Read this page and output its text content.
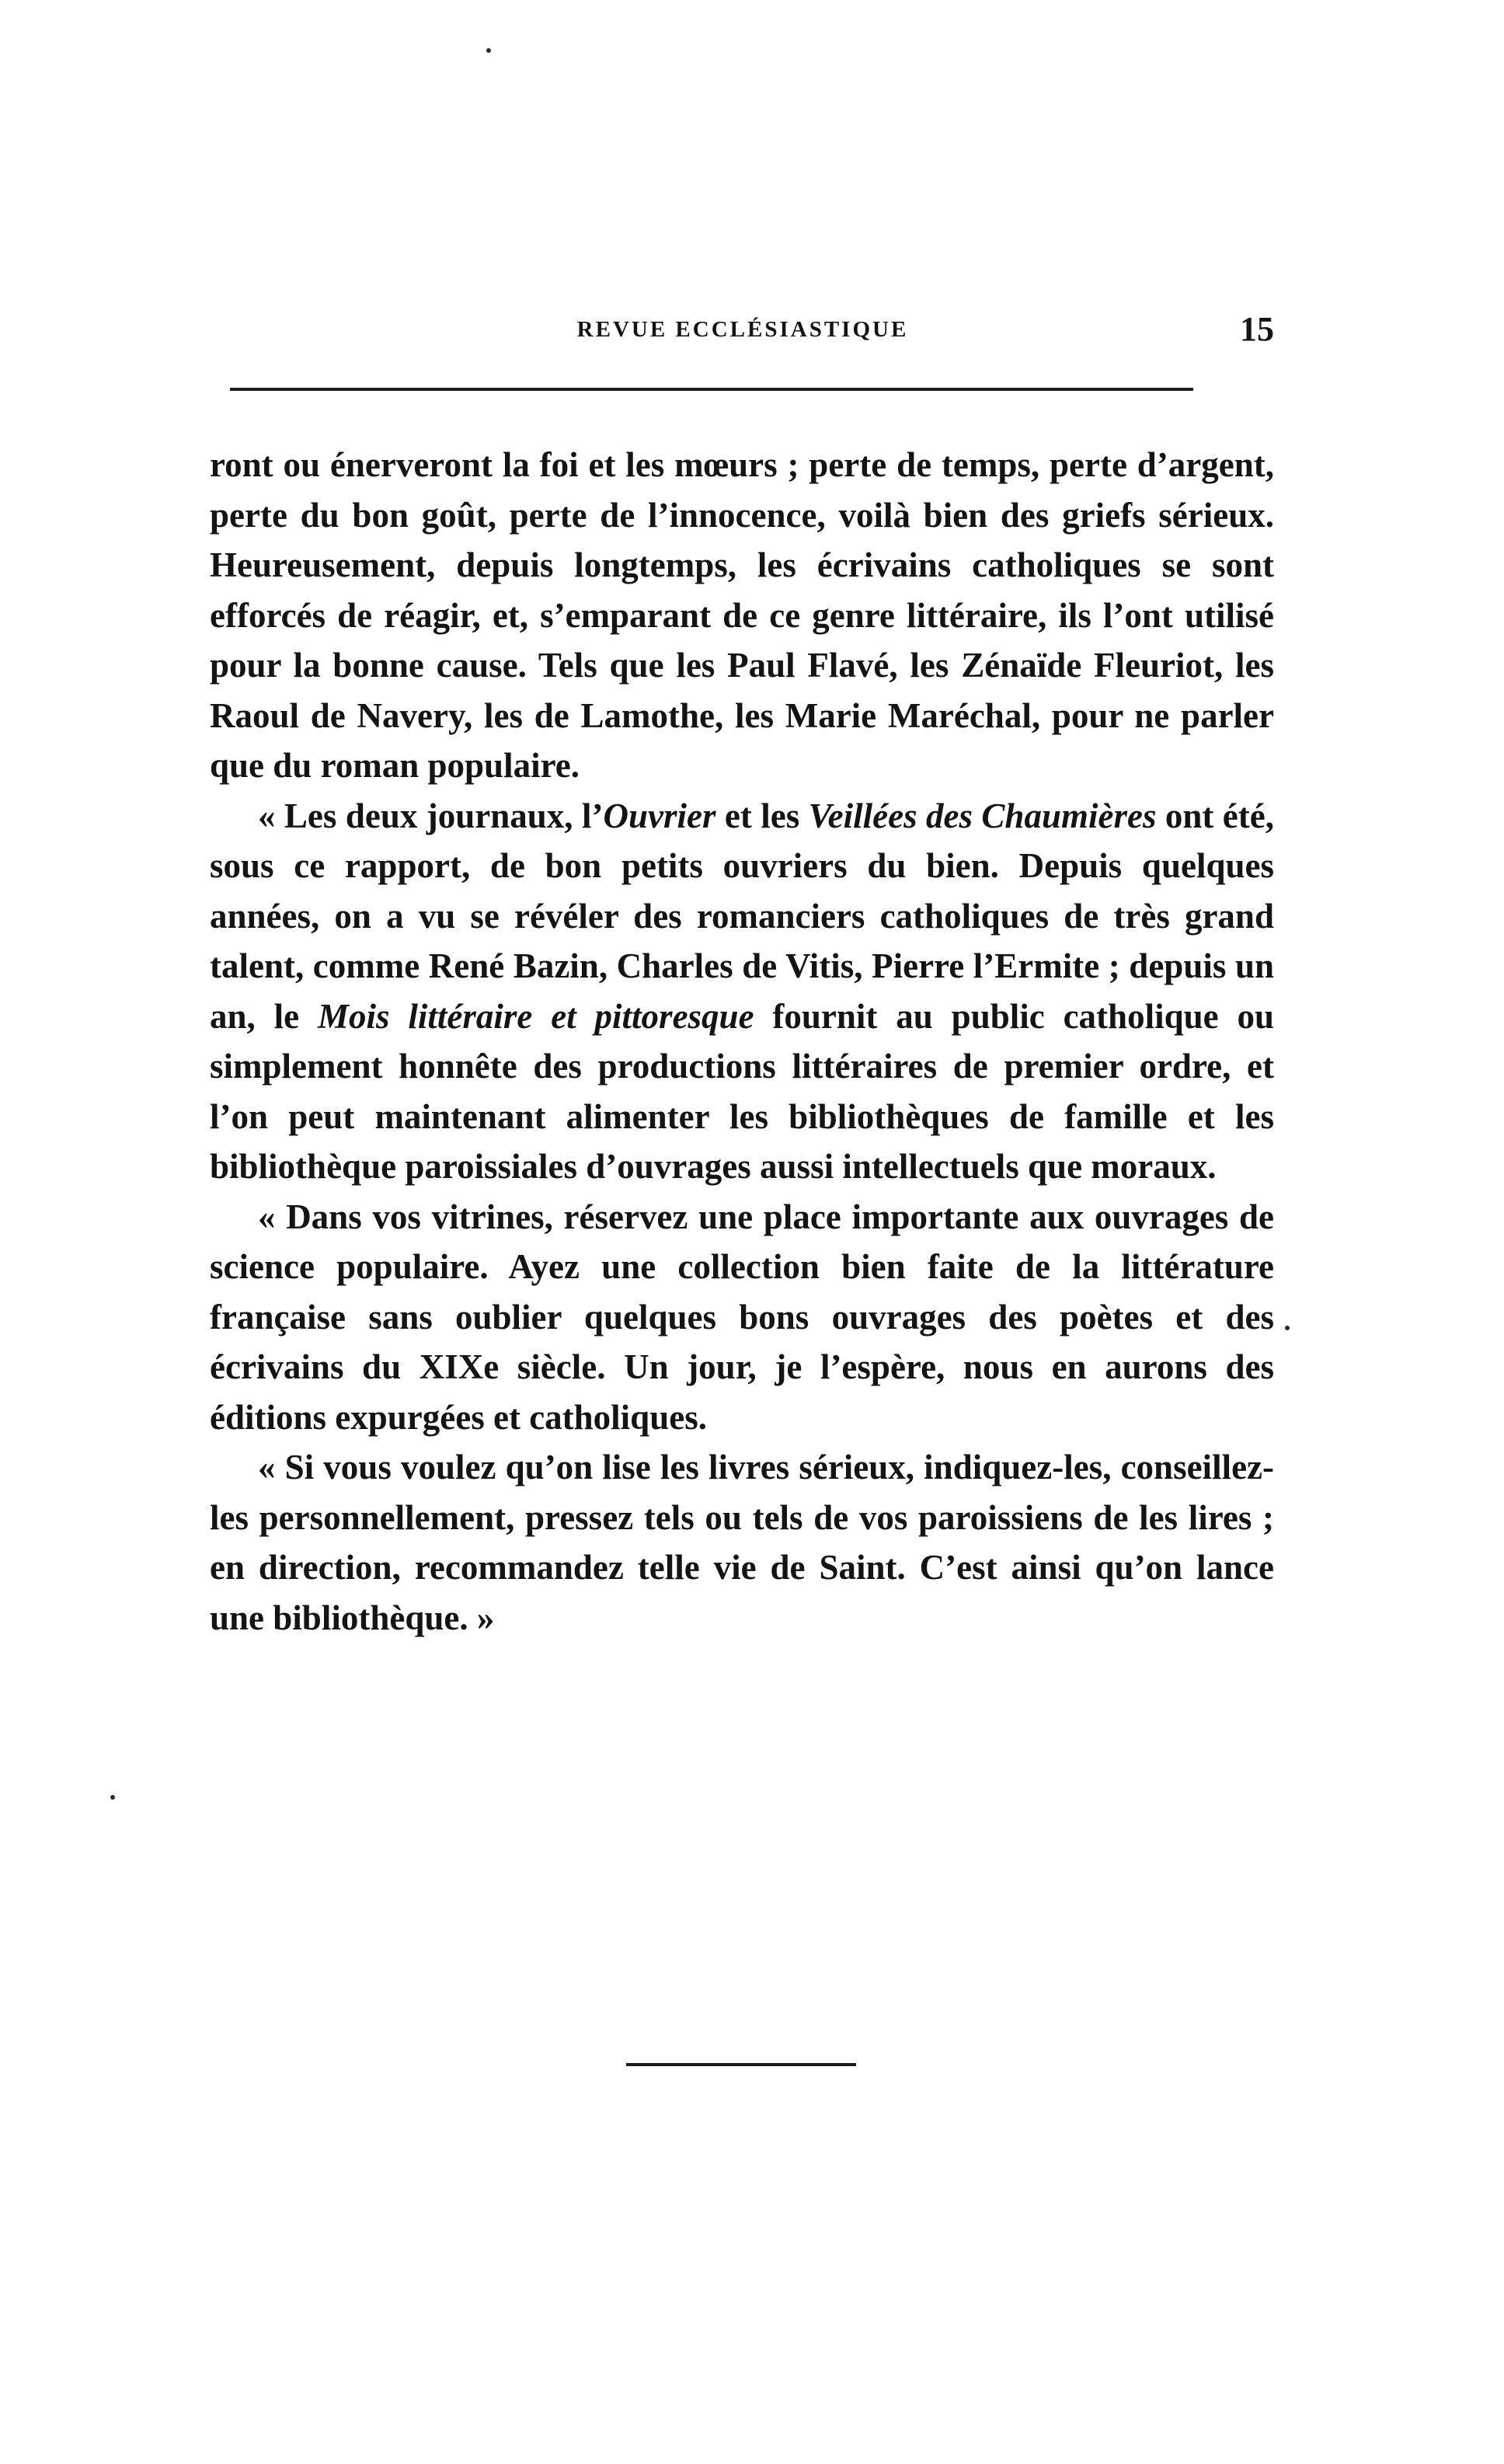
REVUE ECCLÉSIASTIQUE	15

ront ou énerveront la foi et les mœurs ; perte de temps, perte d’argent, perte du bon goût, perte de l’innocence, voilà bien des griefs sérieux. Heureusement, depuis longtemps, les écrivains catholiques se sont efforcés de réagir, et, s’emparant de ce genre littéraire, ils l’ont utilisé pour la bonne cause. Tels que les Paul Flavé, les Zénaïde Fleuriot, les Raoul de Navery, les de Lamothe, les Marie Maréchal, pour ne parler que du roman populaire.

« Les deux journaux, l’Ouvrier et les Veillées des Chaumières ont été, sous ce rapport, de bon petits ouvriers du bien. Depuis quelques années, on a vu se révéler des romanciers catholiques de très grand talent, comme René Bazin, Charles de Vitis, Pierre l’Ermite ; depuis un an, le Mois littéraire et pittoresque fournit au public catholique ou simplement honnête des productions littéraires de premier ordre, et l’on peut maintenant alimenter les bibliothèques de famille et les bibliothèque paroissiales d’ouvrages aussi intellectuels que moraux.

« Dans vos vitrines, réservez une place importante aux ouvrages de science populaire. Ayez une collection bien faite de la littérature française sans oublier quelques bons ouvrages des poètes et des écrivains du XIXe siècle. Un jour, je l’espère, nous en aurons des éditions expurgées et catholiques.

« Si vous voulez qu’on lise les livres sérieux, indiquez-les, conseillez-les personnellement, pressez tels ou tels de vos paroissiens de les lires ; en direction, recommandez telle vie de Saint. C’est ainsi qu’on lance une bibliothèque. »
